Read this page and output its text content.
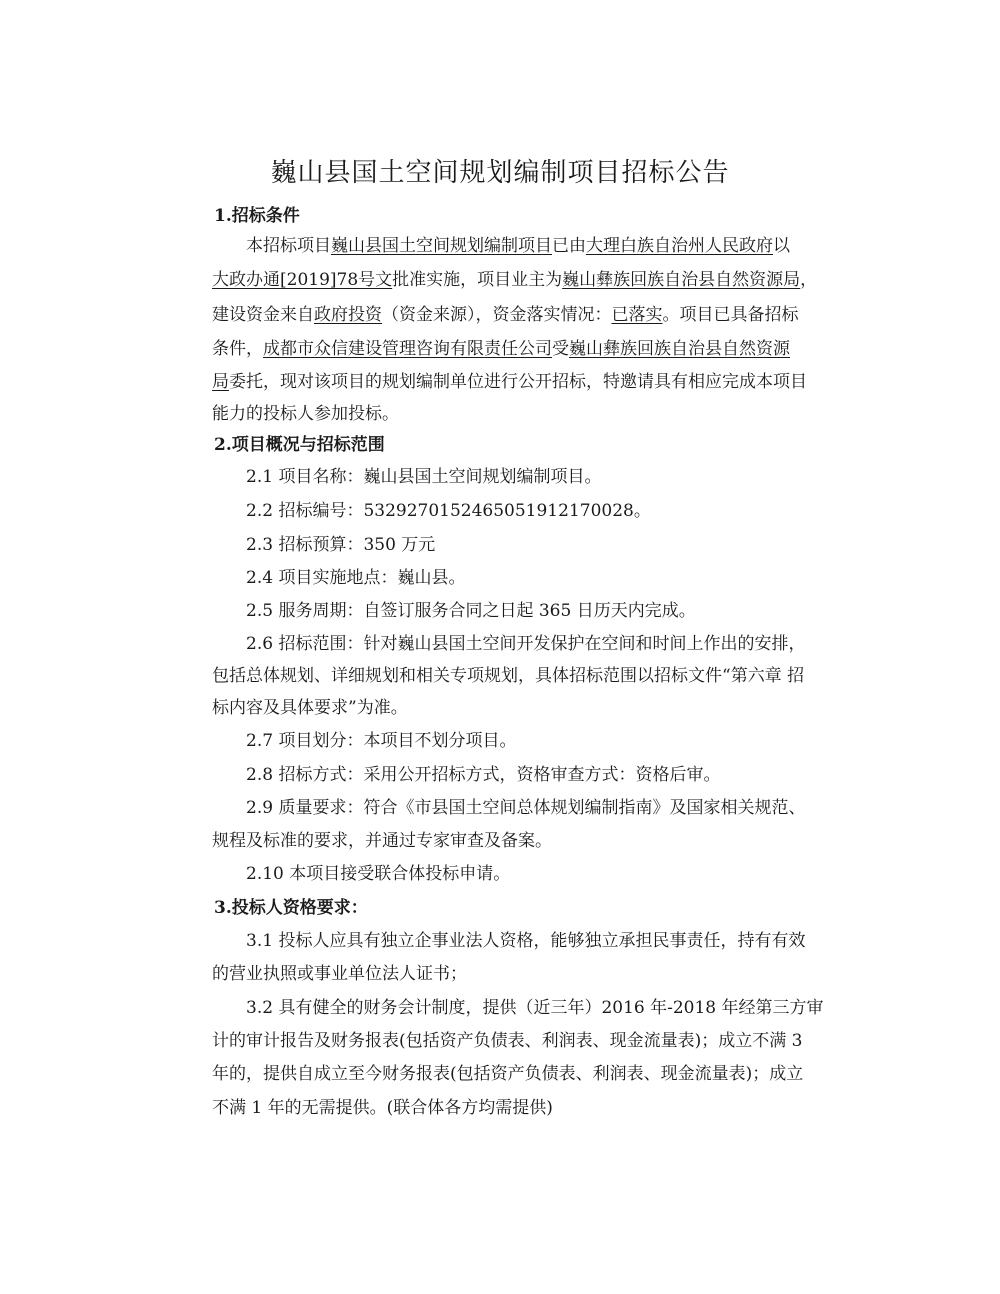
巍山县国土空间规划编制项目招标公告
1.招标条件
本招标项目巍山县国土空间规划编制项目已由大理白族自治州人民政府以
大政办通[2019]78号文批准实施，项目业主为巍山彝族回族自治县自然资源局，
建设资金来自政府投资（资金来源），资金落实情况：已落实。项目已具备招标
条件，成都市众信建设管理咨询有限责任公司受巍山彝族回族自治县自然资源
局委托，现对该项目的规划编制单位进行公开招标，特邀请具有相应完成本项目
能力的投标人参加投标。
2.项目概况与招标范围
2.1 项目名称：巍山县国土空间规划编制项目。
2.2 招标编号：5329270152465051912170028。
2.3 招标预算：350 万元
2.4 项目实施地点：巍山县。
2.5 服务周期：自签订服务合同之日起 365 日历天内完成。
2.6 招标范围：针对巍山县国土空间开发保护在空间和时间上作出的安排，
包括总体规划、详细规划和相关专项规划，具体招标范围以招标文件“第六章 招
标内容及具体要求”为准。
2.7 项目划分：本项目不划分项目。
2.8 招标方式：采用公开招标方式，资格审查方式：资格后审。
2.9 质量要求：符合《市县国土空间总体规划编制指南》及国家相关规范、
规程及标准的要求，并通过专家审查及备案。
2.10 本项目接受联合体投标申请。
3.投标人资格要求：
3.1 投标人应具有独立企事业法人资格，能够独立承担民事责任，持有有效
的营业执照或事业单位法人证书；
3.2 具有健全的财务会计制度，提供（近三年）2016 年-2018 年经第三方审
计的审计报告及财务报表(包括资产负债表、利润表、现金流量表)；成立不满 3
年的，提供自成立至今财务报表(包括资产负债表、利润表、现金流量表)；成立
不满 1 年的无需提供。(联合体各方均需提供)
